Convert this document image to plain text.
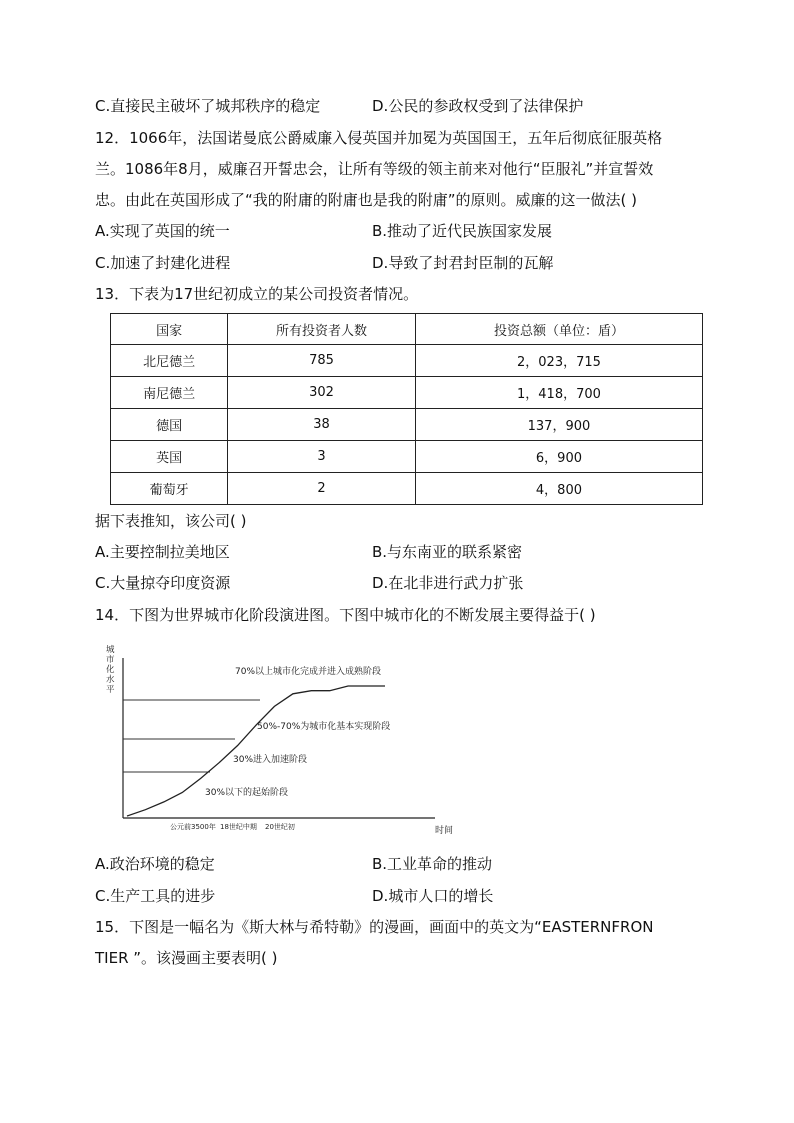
C.直接民主破坏了城邦秩序的稳定	D.公民的参政权受到了法律保护
12．1066年，法国诺曼底公爵威廉入侵英国并加冕为英国国王，五年后彻底征服英格
兰。1086年8月，威廉召开誓忠会，让所有等级的领主前来对他行“臣服礼”并宣誓效
忠。由此在英国形成了“我的附庸的附庸也是我的附庸”的原则。威廉的这一做法( )
A.实现了英国的统一	B.推动了近代民族国家发展
C.加速了封建化进程	D.导致了封君封臣制的瓦解
13．下表为17世纪初成立的某公司投资者情况。
国家	所有投资者人数	投资总额（单位：盾）
北尼德兰	785	2，023，715
南尼德兰	302	1，418，700
德国	38	137，900
英国	3	6，900
葡萄牙	2	4，800
据下表推知，该公司( )
A.主要控制拉美地区	B.与东南亚的联系紧密
C.大量掠夺印度资源	D.在北非进行武力扩张
14．下图为世界城市化阶段演进图。下图中城市化的不断发展主要得益于( )
城市化水平
时间
70%以上城市化完成并进入成熟阶段
50%-70%为城市化基本实现阶段
30%进入加速阶段
30%以下的起始阶段
公元前3500年 18世纪中期 20世纪初
A.政治环境的稳定	B.工业革命的推动
C.生产工具的进步	D.城市人口的增长
15．下图是一幅名为《斯大林与希特勒》的漫画，画面中的英文为“EASTERNFRON
TIER ”。该漫画主要表明( )
